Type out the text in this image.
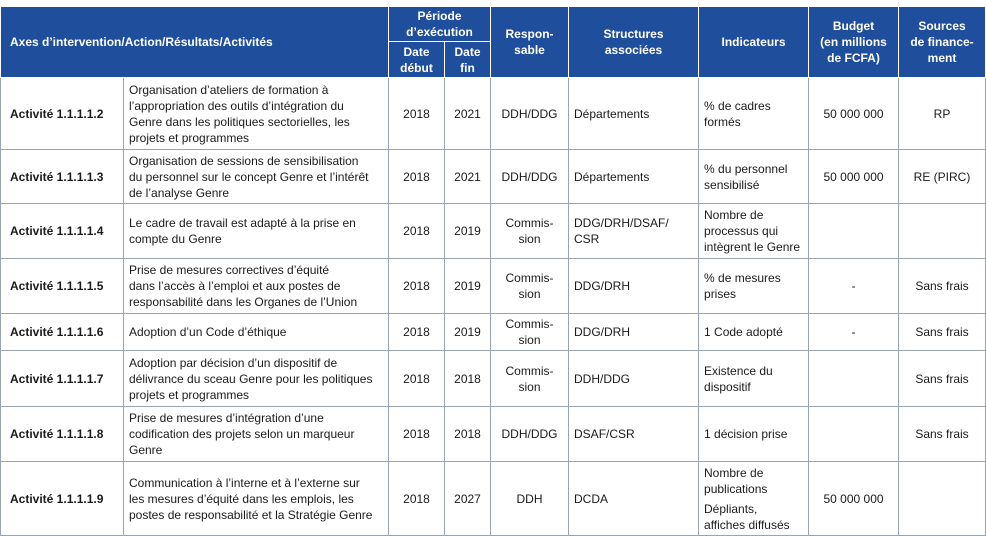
Axes d’intervention/Action/Résultats/Activités		Période
d’exécution		Respon-
sable	Structures
associées	Indicateurs	Budget
(en millions
de FCFA)	Sources
de finance-
ment

		Date
début	Date
fin					

Activité 1.1.1.1.2	Organisation d’ateliers de formation à
l’appropriation des outils d’intégration du
Genre dans les politiques sectorielles, les
projets et programmes	2018	2021	DDH/DDG	Départements	% de cadres
formés	50 000 000	RP
Activité 1.1.1.1.3	Organisation de sessions de sensibilisation
du personnel sur le concept Genre et l’intérêt
de l’analyse Genre	2018	2021	DDH/DDG	Départements	% du personnel
sensibilisé	50 000 000	RE (PIRC)
Activité 1.1.1.1.4	Le cadre de travail est adapté à la prise en
compte du Genre	2018	2019	Commis-
sion	DDG/DRH/DSAF/
CSR	Nombre de
processus qui
intègrent le Genre		

Activité 1.1.1.1.5	Prise de mesures correctives d’équité
dans l’accès à l’emploi et aux postes de
responsabilité dans les Organes de l’Union	2018	2019	Commis-
sion	DDG/DRH	% de mesures
prises	-	Sans frais
Activité 1.1.1.1.6	Adoption d’un Code d’éthique	2018	2019	Commis-
sion	DDG/DRH	1 Code adopté	-	Sans frais
Activité 1.1.1.1.7	Adoption par décision d’un dispositif de
délivrance du sceau Genre pour les politiques
projets et programmes	2018	2018	Commis-
sion	DDH/DDG	Existence du
dispositif		Sans frais
Activité 1.1.1.1.8	Prise de mesures d’intégration d’une
codification des projets selon un marqueur
Genre	2018	2018	DDH/DDG	DSAF/CSR	1 décision prise		Sans frais
Activité 1.1.1.1.9	Communication à l’interne et à l’externe sur
les mesures d’équité dans les emplois, les
postes de responsabilité et la Stratégie Genre	2018	2027	DDH	DCDA	Nombre de
publications
Dépliants,
affiches diffusés	50 000 000	
